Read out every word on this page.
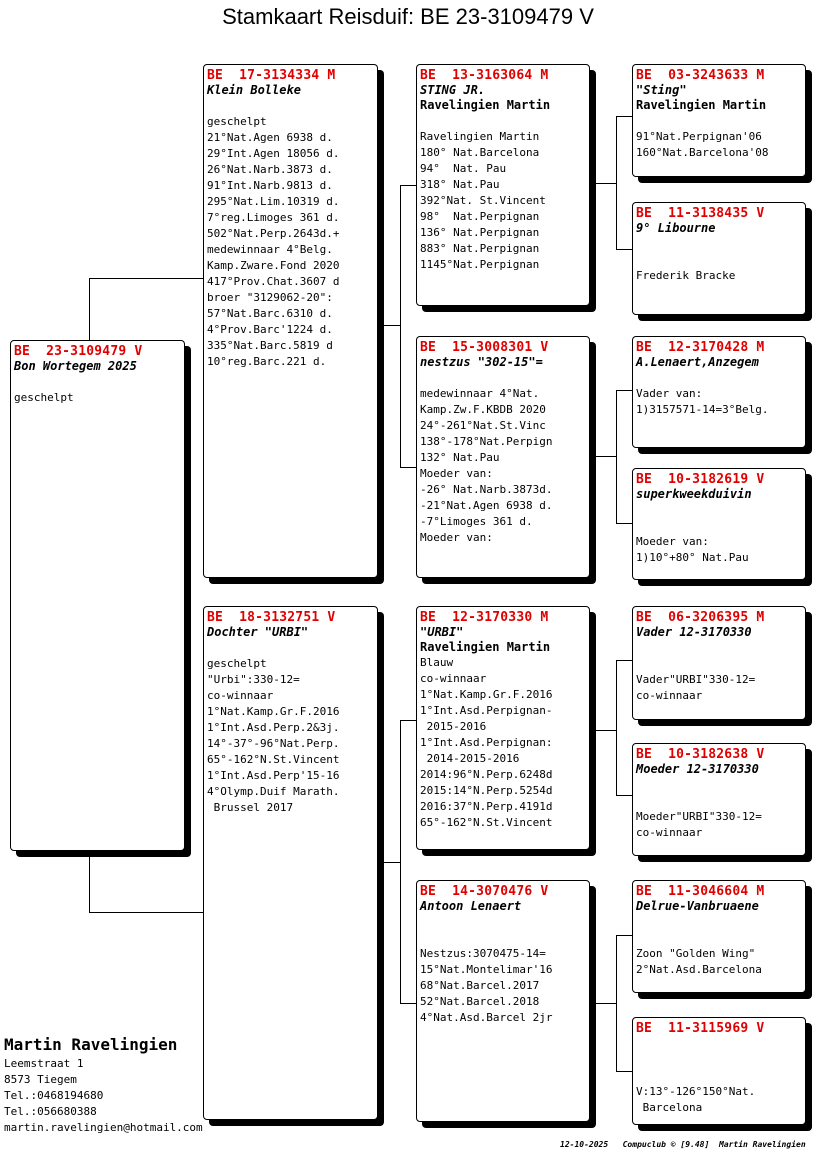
Stamkaart Reisduif: BE 23-3109479 V
BE  23-3109479 V
Bon Wortegem 2025

geschelpt
BE  17-3134334 M
Klein Bolleke

geschelpt
21°Nat.Agen 6938 d.
29°Int.Agen 18056 d.
26°Nat.Narb.3873 d.
91°Int.Narb.9813 d.
295°Nat.Lim.10319 d.
7°reg.Limoges 361 d.
502°Nat.Perp.2643d.+
medewinnaar 4°Belg.
Kamp.Zware.Fond 2020
417°Prov.Chat.3607 d
broer "3129062-20":
57°Nat.Barc.6310 d.
4°Prov.Barc'1224 d.
335°Nat.Barc.5819 d
10°reg.Barc.221 d.
BE  18-3132751 V
Dochter "URBI"

geschelpt
"Urbi":330-12=
co-winnaar
1°Nat.Kamp.Gr.F.2016
1°Int.Asd.Perp.2&3j.
14°-37°-96°Nat.Perp.
65°-162°N.St.Vincent
1°Int.Asd.Perp'15-16
4°Olymp.Duif Marath.
Brussel 2017
BE  13-3163064 M
STING JR.
Ravelingien Martin

Ravelingien Martin
180° Nat.Barcelona
94°  Nat. Pau
318° Nat.Pau
392°Nat. St.Vincent
98°  Nat.Perpignan
136° Nat.Perpignan
883° Nat.Perpignan
1145°Nat.Perpignan
BE  15-3008301 V
nestzus "302-15"=

medewinnaar 4°Nat.
Kamp.Zw.F.KBDB 2020
24°-261°Nat.St.Vinc
138°-178°Nat.Perpign
132° Nat.Pau
Moeder van:
-26° Nat.Narb.3873d.
-21°Nat.Agen 6938 d.
-7°Limoges 361 d.
Moeder van:
BE  12-3170330 M
"URBI"
Ravelingien Martin
Blauw
co-winnaar
1°Nat.Kamp.Gr.F.2016
1°Int.Asd.Perpignan-
2015-2016
1°Int.Asd.Perpignan:
2014-2015-2016
2014:96°N.Perp.6248d
2015:14°N.Perp.5254d
2016:37°N.Perp.4191d
65°-162°N.St.Vincent
BE  14-3070476 V
Antoon Lenaert

Nestzus:3070475-14=
15°Nat.Montelimar'16
68°Nat.Barcel.2017
52°Nat.Barcel.2018
4°Nat.Asd.Barcel 2jr
BE  03-3243633 M
"Sting"
Ravelingien Martin

91°Nat.Perpignan'06
160°Nat.Barcelona'08
BE  11-3138435 V
9° Libourne

Frederik Bracke
BE  12-3170428 M
A.Lenaert,Anzegem

Vader van:
1)3157571-14=3°Belg.
BE  10-3182619 V
superkweekduivin

Moeder van:
1)10°+80° Nat.Pau
BE  06-3206395 M
Vader 12-3170330

Vader"URBI"330-12=
co-winnaar
BE  10-3182638 V
Moeder 12-3170330

Moeder"URBI"330-12=
co-winnaar
BE  11-3046604 M
Delrue-Vanbruaene

Zoon "Golden Wing"
2°Nat.Asd.Barcelona
BE  11-3115969 V

V:13°-126°150°Nat.
Barcelona
Martin Ravelingien
Leemstraat 1
8573 Tiegem
Tel.:0468194680
Tel.:056680388
martin.ravelingien@hotmail.com
12-10-2025   Compuclub © [9.48]  Martin Ravelingien
